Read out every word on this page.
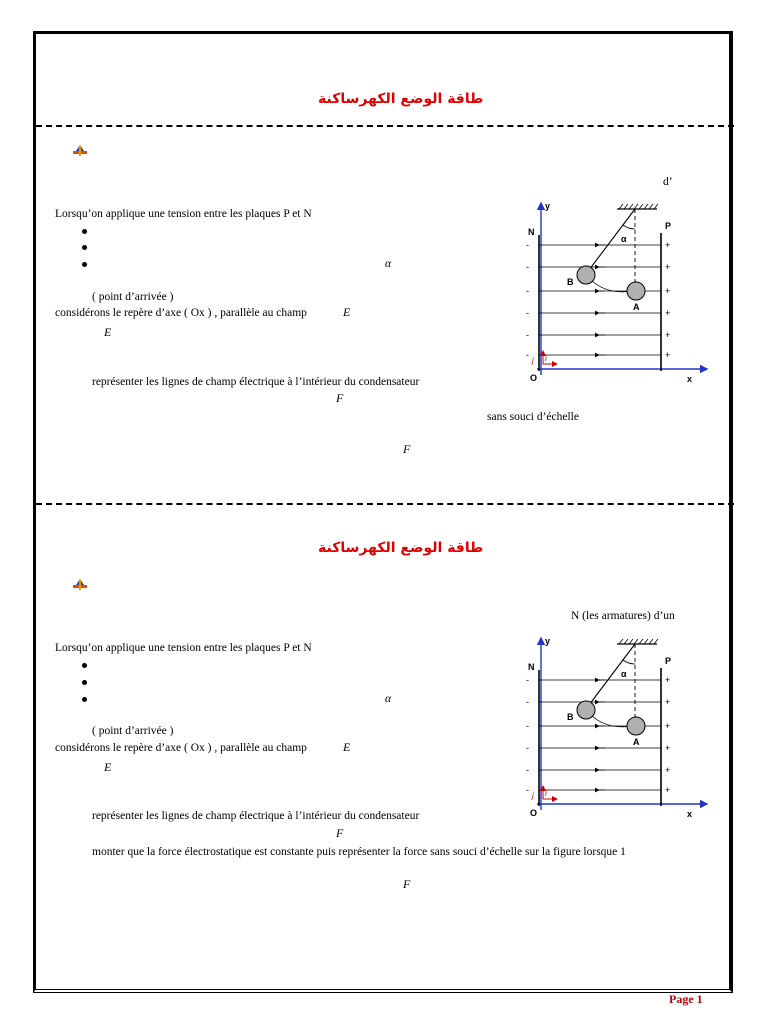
طاقة الوضع الكهرساكنة
d’
Lorsqu’on applique une tension entre les plaques P et N
α
( point d’arrivée )
considérons le repère d’axe ( Ox ) , parallèle au champ	E⃗
E⃗
représenter les lignes de champ électrique à l’intérieur du condensateur
F⃗
sans souci d’échelle
F⃗
y
x
O
N
P
-	+
-	+
-	+
-	+
-	+
-	+
α
B
A
j i
طاقة الوضع الكهرساكنة
N (les armatures) d’un
Lorsqu’on applique une tension entre les plaques P et N
α
( point d’arrivée )
considérons le repère d’axe ( Ox ) , parallèle au champ	E⃗
E⃗
représenter les lignes de champ électrique à l’intérieur du condensateur
F⃗
monter que la force électrostatique est constante puis représenter la force sans souci d’échelle sur la figure lorsque 1
F⃗
y
x
O
N
P
-	+
-	+
-	+
-	+
-	+
-	+
α
B
A
j i
Page 1
